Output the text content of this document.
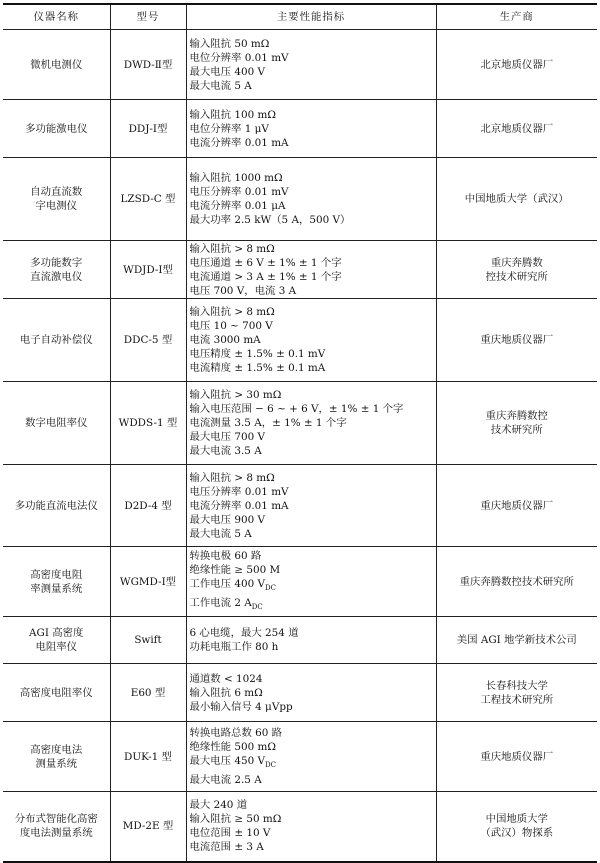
仪器名称	型号	主要性能指标	生产商

微机电测仪	DWD-Ⅱ型	输入阻抗 50 mΩ
电位分辨率 0.01 mV
最大电压 400 V
最大电流 5 A	北京地质仪器厂

多功能激电仪	DDJ-Ⅰ型	输入阻抗 100 mΩ
电位分辨率 1 μV
电流分辨率 0.01 mA	北京地质仪器厂

自动直流数
字电测仪	LZSD-C 型	输入阻抗 1000 mΩ
电压分辨率 0.01 mV
电流分辨率 0.01 μA
最大功率 2.5 kW（5 A，500 V）	中国地质大学（武汉）

多功能数字
直流激电仪	WDJD-Ⅰ型	输入阻抗 > 8 mΩ
电压通道 ± 6 V ± 1% ± 1 个字
电流通道 > 3 A ± 1% ± 1 个字
电压 700 V，电流 3 A	重庆奔腾数
控技术研究所

电子自动补偿仪	DDC-5 型	输入阻抗 > 8 mΩ
电压 10 ~ 700 V
电流 3000 mA
电压精度 ± 1.5% ± 0.1 mV
电流精度 ± 1.5% ± 0.1 mA	重庆地质仪器厂

数字电阻率仪	WDDS-1 型	输入阻抗 > 30 mΩ
输入电压范围 − 6 ~ + 6 V，± 1% ± 1 个字
电流测量 3.5 A，± 1% ± 1 个字
最大电压 700 V
最大电流 3.5 A	重庆奔腾数控
技术研究所

多功能直流电法仪	D2D-4 型	输入阻抗 > 8 mΩ
电压分辨率 0.01 mV
电流分辨率 0.01 mA
最大电压 900 V
最大电流 5 A	重庆地质仪器厂

高密度电阻
率测量系统	WGMD-Ⅰ型	转换电极 60 路
绝缘性能 ≥ 500 M
工作电压 400 $V_{DC}$
工作电流 2 $A_{DC}$	重庆奔腾数控技术研究所

AGI 高密度
电阻率仪	Swift	6 心电缆，最大 254 道
功耗电瓶工作 80 h	美国 AGI 地学新技术公司

高密度电阻率仪	E60 型	通道数 < 1024
输入阻抗 6 mΩ
最小输入信号 4 μVpp	长春科技大学
工程技术研究所

高密度电法
测量系统	DUK-1 型	转换电路总数 60 路
绝缘性能 500 mΩ
最大电压 450 $V_{DC}$
最大电流 2.5 A	重庆地质仪器厂

分布式智能化高密
度电法测量系统	MD-2E 型	最大 240 道
输入阻抗 ≥ 50 mΩ
电位范围 ± 10 V
电流范围 ± 3 A	中国地质大学
（武汉）物探系
